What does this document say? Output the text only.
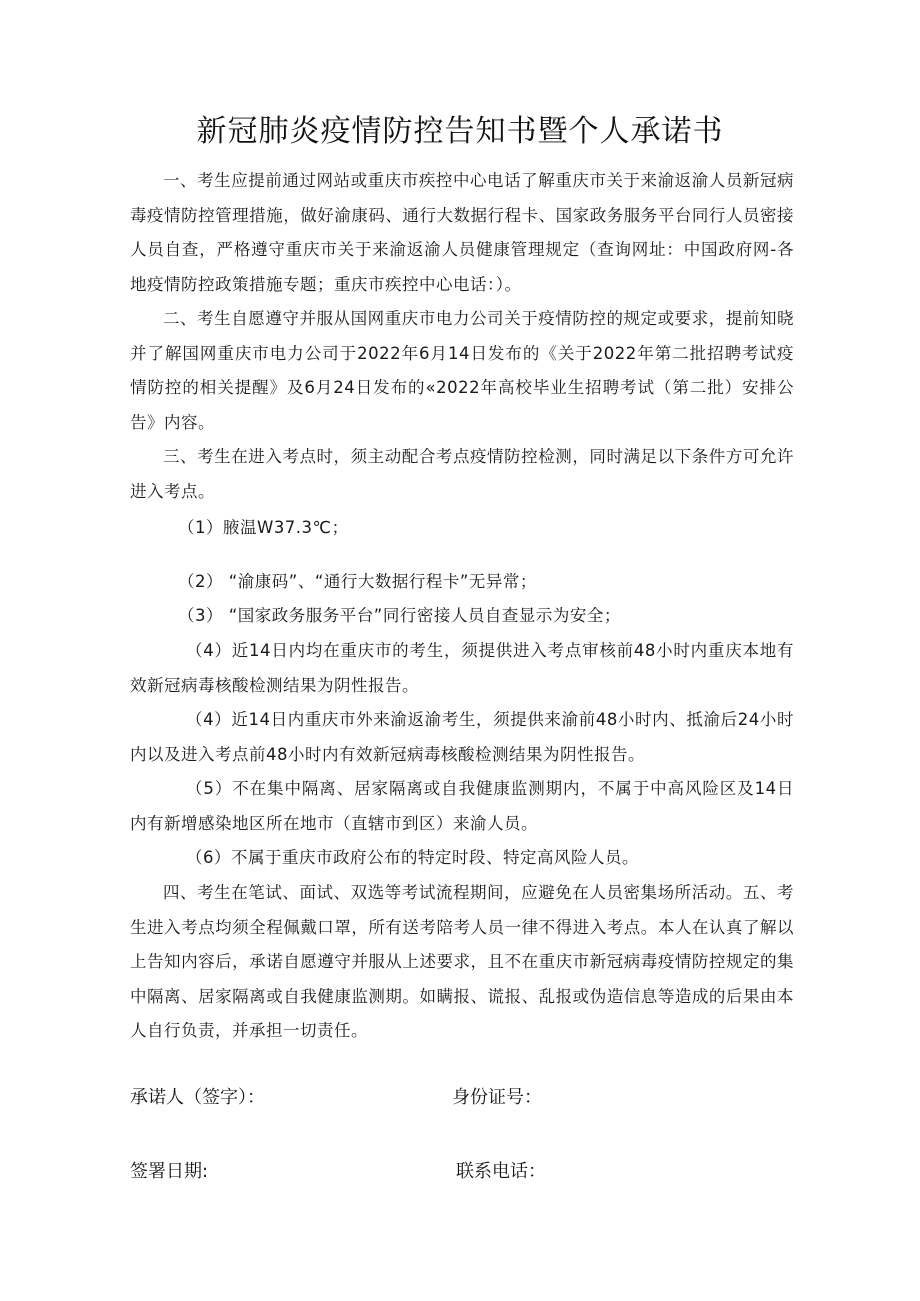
新冠肺炎疫情防控告知书暨个人承诺书
一、考生应提前通过网站或重庆市疾控中心电话了解重庆市关于来渝返渝人员新冠病毒疫情防控管理措施，做好渝康码、通行大数据行程卡、国家政务服务平台同行人员密接人员自查，严格遵守重庆市关于来渝返渝人员健康管理规定（查询网址：中国政府网-各地疫情防控政策措施专题；重庆市疾控中心电话：）。
二、考生自愿遵守并服从国网重庆市电力公司关于疫情防控的规定或要求，提前知晓并了解国网重庆市电力公司于2022年6月14日发布的《关于2022年第二批招聘考试疫情防控的相关提醒》及6月24日发布的«2022年高校毕业生招聘考试（第二批）安排公告》内容。
三、考生在进入考点时，须主动配合考点疫情防控检测，同时满足以下条件方可允许进入考点。
（1）腋温W37.3℃；
（2） “渝康码”、“通行大数据行程卡”无异常；
（3） “国家政务服务平台”同行密接人员自查显示为安全；
（4）近14日内均在重庆市的考生，须提供进入考点审核前48小时内重庆本地有效新冠病毒核酸检测结果为阴性报告。
（4）近14日内重庆市外来渝返渝考生，须提供来渝前48小时内、抵渝后24小时内以及进入考点前48小时内有效新冠病毒核酸检测结果为阴性报告。
（5）不在集中隔离、居家隔离或自我健康监测期内，不属于中高风险区及14日内有新增感染地区所在地市（直辖市到区）来渝人员。
（6）不属于重庆市政府公布的特定时段、特定高风险人员。
四、考生在笔试、面试、双选等考试流程期间，应避免在人员密集场所活动。五、考生进入考点均须全程佩戴口罩，所有送考陪考人员一律不得进入考点。本人在认真了解以上告知内容后，承诺自愿遵守并服从上述要求，且不在重庆市新冠病毒疫情防控规定的集中隔离、居家隔离或自我健康监测期。如瞒报、谎报、乱报或伪造信息等造成的后果由本人自行负责，并承担一切责任。
承诺人（签字）：	身份证号：
签署日期:	联系电话：
